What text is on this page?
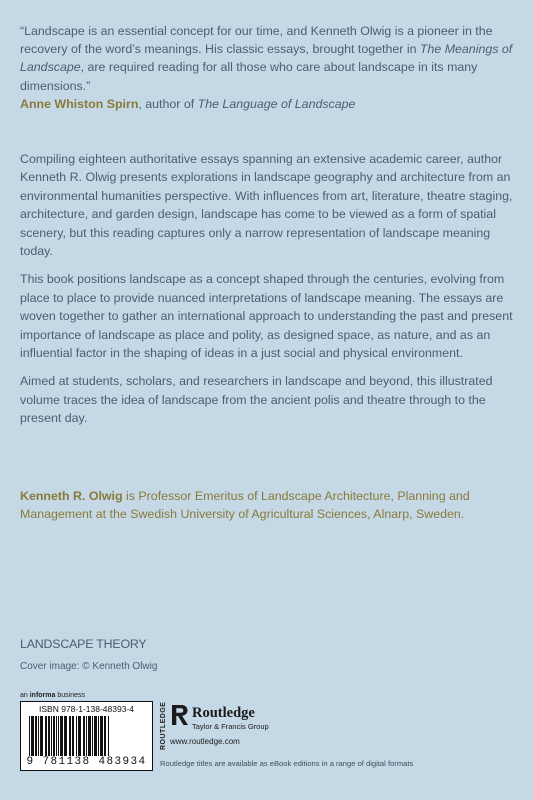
“Landscape is an essential concept for our time, and Kenneth Olwig is a pioneer in the recovery of the word’s meanings. His classic essays, brought together in The Meanings of Landscape, are required reading for all those who care about landscape in its many dimensions.”
Anne Whiston Spirn, author of The Language of Landscape

Compiling eighteen authoritative essays spanning an extensive academic career, author Kenneth R. Olwig presents explorations in landscape geography and architecture from an environmental humanities perspective. With influences from art, literature, theatre staging, architecture, and garden design, landscape has come to be viewed as a form of spatial scenery, but this reading captures only a narrow representation of landscape meaning today.

This book positions landscape as a concept shaped through the centuries, evolving from place to place to provide nuanced interpretations of landscape meaning. The essays are woven together to gather an international approach to understanding the past and present importance of landscape as place and polity, as designed space, as nature, and as an influential factor in the shaping of ideas in a just social and physical environment.

Aimed at students, scholars, and researchers in landscape and beyond, this illustrated volume traces the idea of landscape from the ancient polis and theatre through to the present day.

Kenneth R. Olwig is Professor Emeritus of Landscape Architecture, Planning and Management at the Swedish University of Agricultural Sciences, Alnarp, Sweden.
LANDSCAPE THEORY
Cover image: © Kenneth Olwig
an informa business
ISBN 978-1-138-48393-4
9 781138 483934
ROUTLEDGE Routledge
Taylor & Francis Group
www.routledge.com
Routledge titles are available as eBook editions in a range of digital formats
